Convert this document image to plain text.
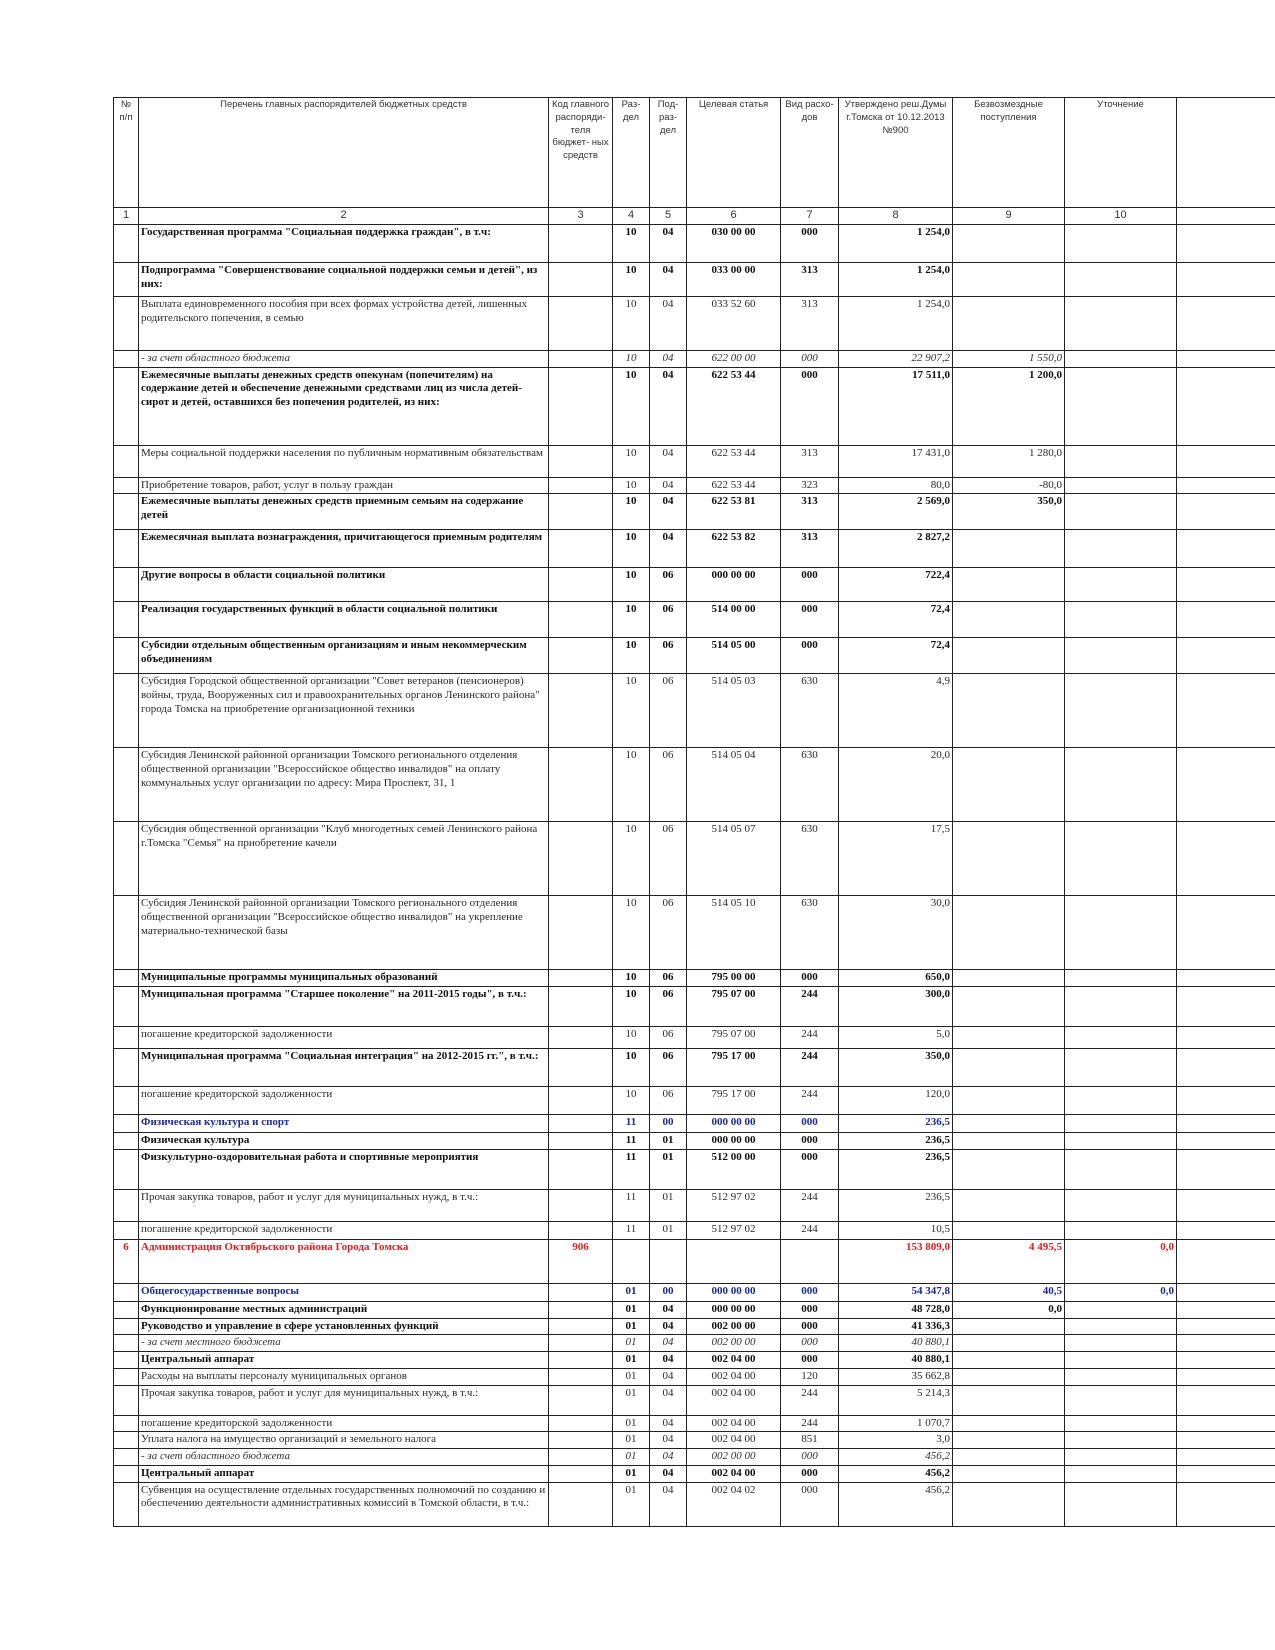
№ п/п	Перечень главных распорядителей бюджетных средств	Код главного распоряди- теля бюджет- ных средств	Раз- дел	Под- раз- дел	Целевая статья	Вид расхо- дов	Утверждено реш.Думы г.Томска от 10.12.2013 №900	Безвозмездные поступления	Уточнение	
1	2	3	4	5	6	7	8	9	10	
	Государственная программа "Социальная поддержка граждан", в т.ч:		10	04	030 00 00	000	1 254,0			
	Подпрограмма "Совершенствование социальной поддержки семьи и детей", из них:		10	04	033 00 00	313	1 254,0			
	Выплата единовременного пособия при всех формах устройства детей, лишенных родительского попечения, в семью		10	04	033 52 60	313	1 254,0			
	- за счет областного бюджета		10	04	622 00 00	000	22 907,2	1 550,0		
	Ежемесячные выплаты денежных средств опекунам (попечителям) на содержание детей и обеспечение денежными средствами лиц из числа детей-сирот и детей, оставшихся без попечения родителей, из них:		10	04	622 53 44	000	17 511,0	1 200,0		
	Меры социальной поддержки населения по публичным нормативным обязательствам		10	04	622 53 44	313	17 431,0	1 280,0		
	Приобретение товаров, работ, услуг в пользу граждан		10	04	622 53 44	323	80,0	-80,0		
	Ежемесячные выплаты денежных средств приемным семьям на содержание детей		10	04	622 53 81	313	2 569,0	350,0		
	Ежемесячная выплата вознаграждения, причитающегося приемным родителям		10	04	622 53 82	313	2 827,2			
	Другие вопросы в области социальной политики		10	06	000 00 00	000	722,4			
	Реализация государственных функций в области социальной политики		10	06	514 00 00	000	72,4			
	Субсидии отдельным общественным организациям и иным некоммерческим объединениям		10	06	514 05 00	000	72,4			
	Субсидия Городской общественной организации "Совет ветеранов (пенсионеров) войны, труда, Вооруженных сил и правоохранительных органов Ленинского района" города Томска на приобретение организационной техники		10	06	514 05 03	630	4,9			
	Субсидия Ленинской районной организации Томского регионального отделения общественной организации "Всероссийское общество инвалидов" на оплату коммунальных услуг организации по адресу: Мира Проспект, 31, 1		10	06	514 05 04	630	20,0			
	Субсидия общественной организации "Клуб многодетных семей Ленинского района г.Томска "Семья" на приобретение качели		10	06	514 05 07	630	17,5			
	Субсидия Ленинской районной организации Томского регионального отделения общественной организации "Всероссийское общество инвалидов" на укрепление материально-технической базы		10	06	514 05 10	630	30,0			
	Муниципальные программы муниципальных образований		10	06	795 00 00	000	650,0			
	Муниципальная программа "Старшее поколение" на 2011-2015 годы", в т.ч.:		10	06	795 07 00	244	300,0			
	погашение кредиторской задолженности		10	06	795 07 00	244	5,0			
	Муниципальная программа "Социальная интеграция" на 2012-2015 гг.", в т.ч.:		10	06	795 17 00	244	350,0			
	погашение кредиторской задолженности		10	06	795 17 00	244	120,0			
	Физическая культура и спорт		11	00	000 00 00	000	236,5			
	Физическая культура		11	01	000 00 00	000	236,5			
	Физкультурно-оздоровительная работа и спортивные мероприятия		11	01	512 00 00	000	236,5			
	Прочая закупка товаров, работ и услуг для муниципальных нужд, в т.ч.:		11	01	512 97 02	244	236,5			
	погашение кредиторской задолженности		11	01	512 97 02	244	10,5			
6	Администрация Октябрьского района Города Томска	906					153 809,0	4 495,5	0,0	
	Общегосударственные вопросы		01	00	000 00 00	000	54 347,8	40,5	0,0	
	Функционирование местных администраций		01	04	000 00 00	000	48 728,0	0,0		
	Руководство и управление в сфере установленных функций		01	04	002 00 00	000	41 336,3			
	- за счет местного бюджета		01	04	002 00 00	000	40 880,1			
	Центральный аппарат		01	04	002 04 00	000	40 880,1			
	Расходы на выплаты персоналу муниципальных органов		01	04	002 04 00	120	35 662,8			
	Прочая закупка товаров, работ и услуг для муниципальных нужд, в т.ч.:		01	04	002 04 00	244	5 214,3			
	погашение кредиторской задолженности		01	04	002 04 00	244	1 070,7			
	Уплата налога на имущество организаций и земельного налога		01	04	002 04 00	851	3,0			
	- за счет областного бюджета		01	04	002 00 00	000	456,2			
	Центральный аппарат		01	04	002 04 00	000	456,2			
	Субвенция на осуществление отдельных государственных полномочий по созданию и обеспечению деятельности административных комиссий в Томской области, в т.ч.:		01	04	002 04 02	000	456,2			
